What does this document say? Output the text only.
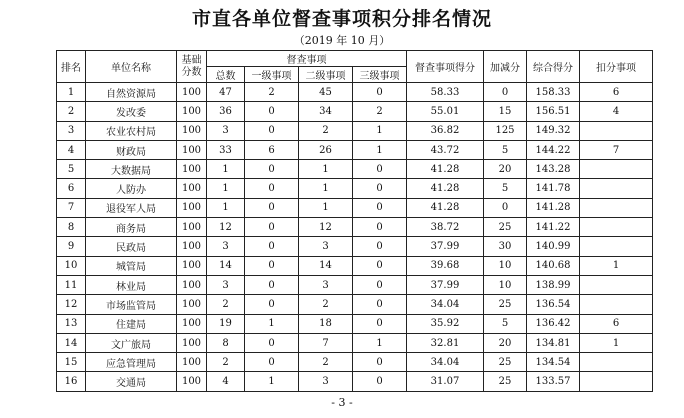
市直各单位督查事项积分排名情况
（2019 年 10 月）
排名	单位名称	基础分数	督查事项				督查事项得分	加减分	综合得分	扣分事项
			总数	一级事项	二级事项	三级事项				
1	自然资源局	100	47	2	45	0	58.33	0	158.33	6
2	发改委	100	36	0	34	2	55.01	15	156.51	4
3	农业农村局	100	3	0	2	1	36.82	125	149.32	
4	财政局	100	33	6	26	1	43.72	5	144.22	7
5	大数据局	100	1	0	1	0	41.28	20	143.28	
6	人防办	100	1	0	1	0	41.28	5	141.78	
7	退役军人局	100	1	0	1	0	41.28	0	141.28	
8	商务局	100	12	0	12	0	38.72	25	141.22	
9	民政局	100	3	0	3	0	37.99	30	140.99	
10	城管局	100	14	0	14	0	39.68	10	140.68	1
11	林业局	100	3	0	3	0	37.99	10	138.99	
12	市场监管局	100	2	0	2	0	34.04	25	136.54	
13	住建局	100	19	1	18	0	35.92	5	136.42	6
14	文广旅局	100	8	0	7	1	32.81	20	134.81	1
15	应急管理局	100	2	0	2	0	34.04	25	134.54	
16	交通局	100	4	1	3	0	31.07	25	133.57	
- 3 -
